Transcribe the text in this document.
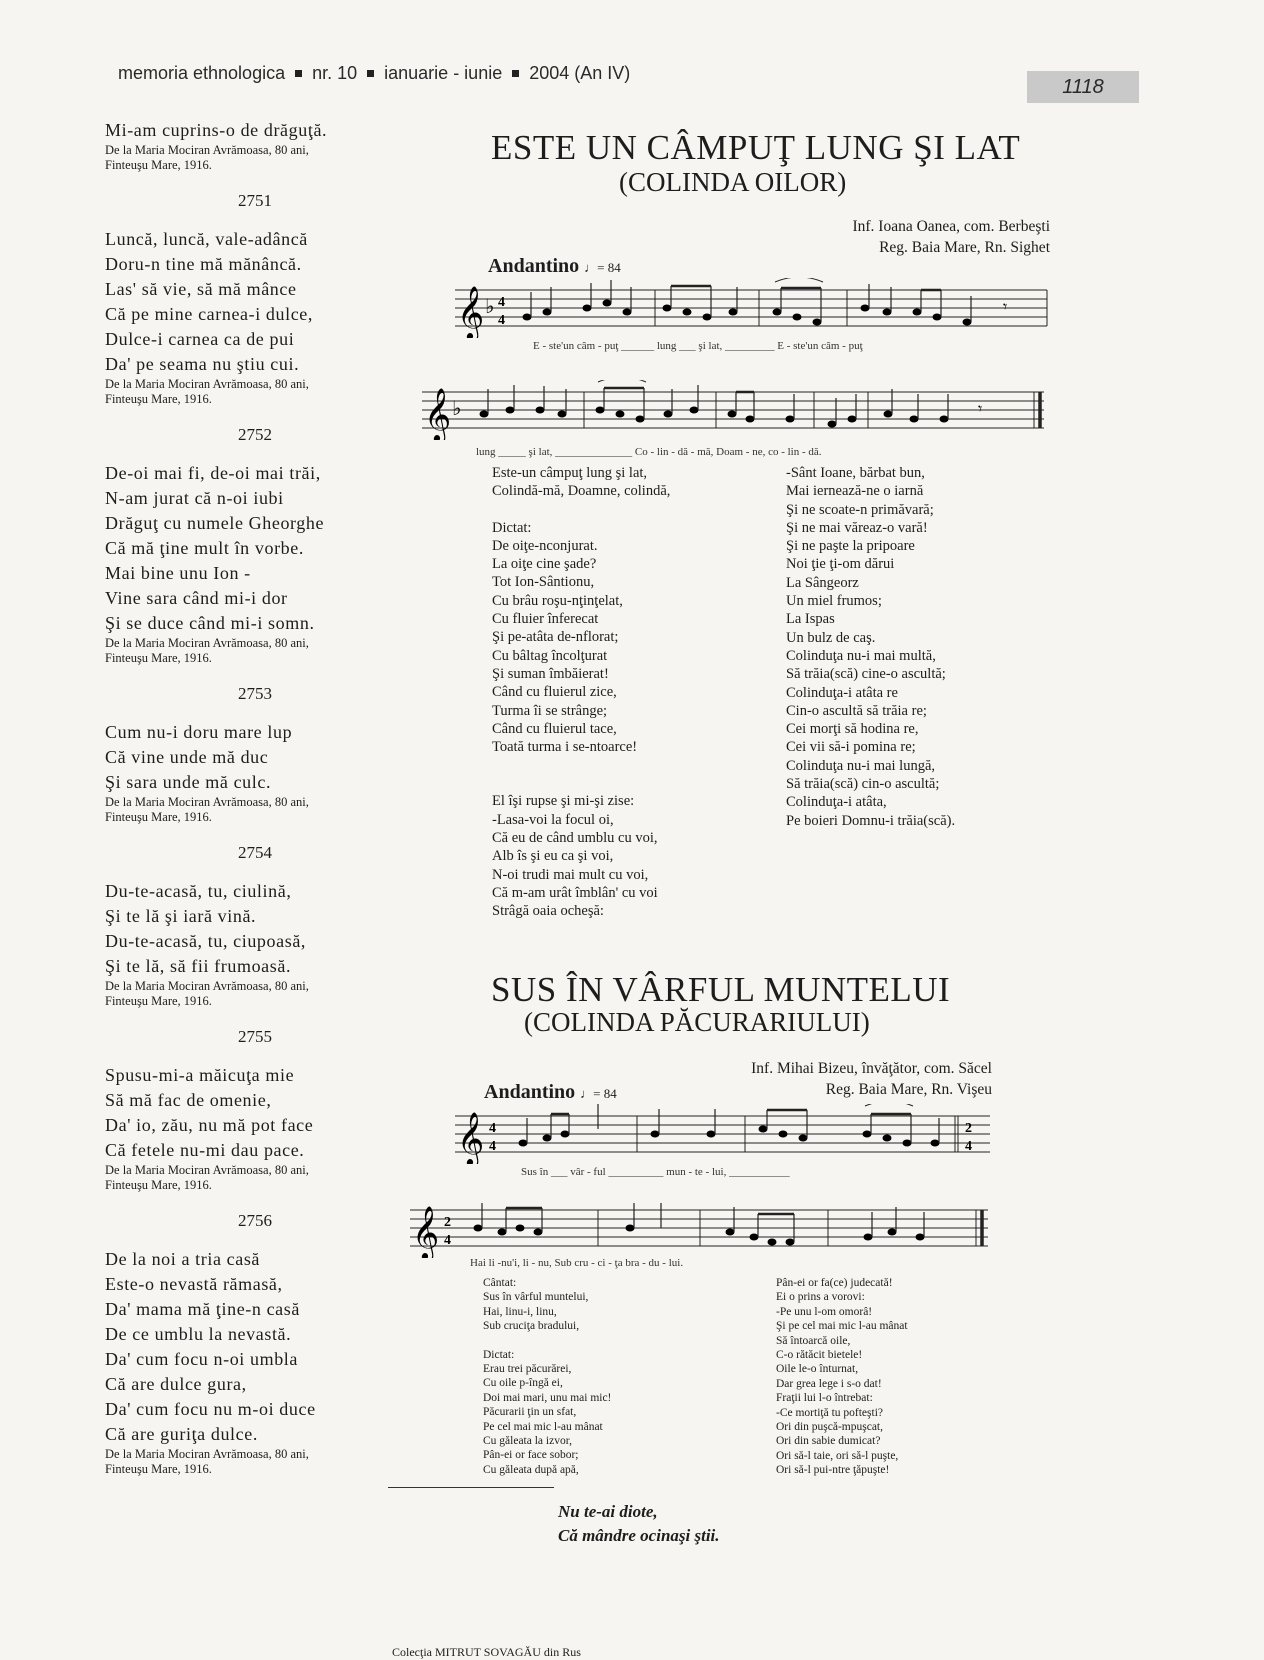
memoria ethnologica nr. 10 ianuarie - iunie 2004 (An IV)
1118
Mi-am cuprins-o de drăguţă.
De la Maria Mociran Avrămoasa, 80 ani,
Finteuşu Mare, 1916.
2751
Luncă, luncă, vale-adâncă
Doru-n tine mă mănâncă.
Las' să vie, să mă mânce
Că pe mine carnea-i dulce,
Dulce-i carnea ca de pui
Da' pe seama nu ştiu cui.
De la Maria Mociran Avrămoasa, 80 ani,
Finteuşu Mare, 1916.
2752
De-oi mai fi, de-oi mai trăi,
N-am jurat că n-oi iubi
Drăguţ cu numele Gheorghe
Că mă ţine mult în vorbe.
Mai bine unu Ion -
Vine sara când mi-i dor
Şi se duce când mi-i somn.
De la Maria Mociran Avrămoasa, 80 ani,
Finteuşu Mare, 1916.
2753
Cum nu-i doru mare lup
Că vine unde mă duc
Şi sara unde mă culc.
De la Maria Mociran Avrămoasa, 80 ani,
Finteuşu Mare, 1916.
2754
Du-te-acasă, tu, ciulină,
Şi te lă şi iară vină.
Du-te-acasă, tu, ciupoasă,
Şi te lă, să fii frumoasă.
De la Maria Mociran Avrămoasa, 80 ani,
Finteuşu Mare, 1916.
2755
Spusu-mi-a măicuţa mie
Să mă fac de omenie,
Da' io, zău, nu mă pot face
Că fetele nu-mi dau pace.
De la Maria Mociran Avrămoasa, 80 ani,
Finteuşu Mare, 1916.
2756
De la noi a tria casă
Este-o nevastă rămasă,
Da' mama mă ţine-n casă
De ce umblu la nevastă.
Da' cum focu n-oi umbla
Că are dulce gura,
Da' cum focu nu m-oi duce
Că are guriţa dulce.
De la Maria Mociran Avrămoasa, 80 ani,
Finteuşu Mare, 1916.
ESTE UN CÂMPUŢ LUNG ŞI LAT
(COLINDA OILOR)
Inf. Ioana Oanea, com. Berbeşti
Reg. Baia Mare, Rn. Sighet
Andantino ♩= 84
𝄞 ♭ 4
4
𝄾
E - ste'un câm - puţ ______ lung ___ şi lat, _________ E - ste'un câm - puţ
𝄞 ♭	𝄾
lung _____ şi lat, ______________ Co - lin - dă - mă, Doam - ne, co - lin - dă.
Este-un câmpuţ lung şi lat,
Colindă-mă, Doamne, colindă,
Dictat:
De oiţe-nconjurat.
La oiţe cine şade?
Tot Ion-Sântionu,
Cu brâu roşu-nţinţelat,
Cu fluier înferecat
Şi pe-atâta de-nflorat;
Cu bâltag încolţurat
Şi suman îmbăierat!
Când cu fluierul zice,
Turma îi se strânge;
Când cu fluierul tace,
Toată turma i se-ntoarce!
El îşi rupse şi mi-şi zise:
-Lasa-voi la focul oi,
Că eu de când umblu cu voi,
Alb îs şi eu ca şi voi,
N-oi trudi mai mult cu voi,
Că m-am urât îmblân' cu voi
Strâgă oaia ocheşă:
-Sânt Ioane, bărbat bun,
Mai iernează-ne o iarnă
Şi ne scoate-n primăvară;
Şi ne mai văreaz-o vară!
Şi ne paşte la pripoare
Noi ţie ţi-om dărui
La Sângeorz
Un miel frumos;
La Ispas
Un bulz de caş.
Colinduţa nu-i mai multă,
Să trăia(scă) cine-o ascultă;
Colinduţa-i atâta re
Cin-o ascultă să trăia re;
Cei morţi să hodina re,
Cei vii să-i pomina re;
Colinduţa nu-i mai lungă,
Să trăia(scă) cin-o ascultă;
Colinduţa-i atâta,
Pe boieri Domnu-i trăia(scă).
SUS ÎN VÂRFUL MUNTELUI
(COLINDA PĂCURARIULUI)
Inf. Mihai Bizeu, învăţător, com. Săcel
Reg. Baia Mare, Rn. Vişeu
Andantino ♩= 84
𝄞 4
4
2
4
Sus în ___ vâr - ful __________ mun - te - lui, ___________
𝄞 2
4
Hai li -nu'i, li - nu, Sub cru - ci - ţa bra - du - lui.
Cântat:
Sus în vârful muntelui,
Hai, linu-i, linu,
Sub cruciţa bradului,
Dictat:
Erau trei păcurărei,
Cu oile p-îngă ei,
Doi mai mari, unu mai mic!
Păcurarii ţin un sfat,
Pe cel mai mic l-au mânat
Cu găleata la izvor,
Pân-ei or face sobor;
Cu găleata după apă,
Pân-ei or fa(ce) judecată!
Ei o prins a vorovi:
-Pe unu l-om omorâ!
Şi pe cel mai mic l-au mânat
Să întoarcă oile,
C-o rătăcit bietele!
Oile le-o înturnat,
Dar grea lege i s-o dat!
Fraţii lui l-o întrebat:
-Ce mortiţă tu pofteşti?
Ori din puşcă-mpuşcat,
Ori din sabie dumicat?
Ori să-l taie, ori să-l puşte,
Ori să-l pui-ntre ţăpuşte!
Nu te-ai diote,
Că mândre ocinaşi ştii.
Colecţia MITRUT SOVAGĂU din Rus
